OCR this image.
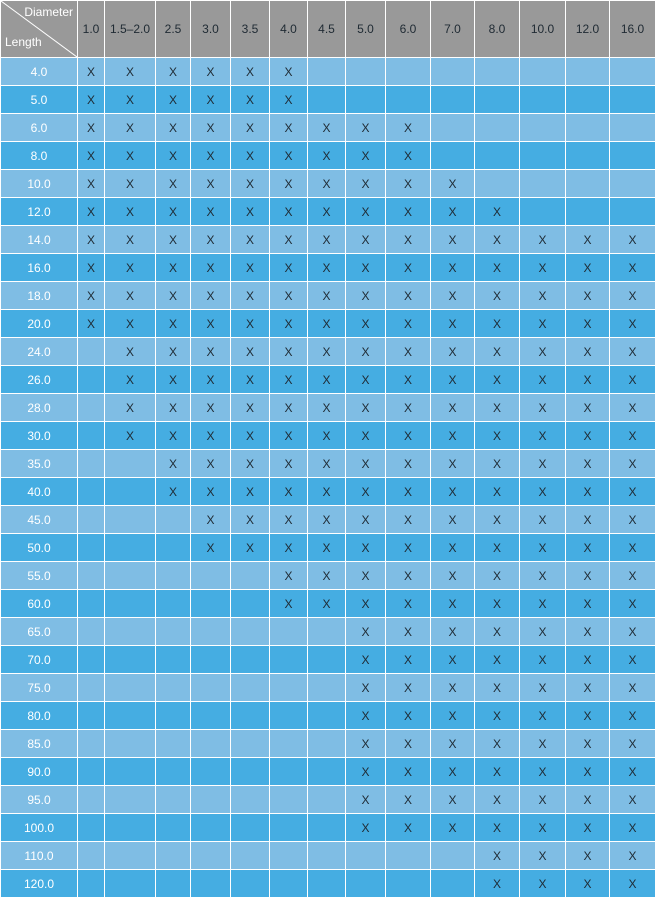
Diameter
Length	1.0	1.5–2.0	2.5	3.0	3.5	4.0	4.5	5.0	6.0	7.0	8.0	10.0	12.0	16.0
4.0	X	X	X	X	X	X								
5.0	X	X	X	X	X	X								
6.0	X	X	X	X	X	X	X	X	X					
8.0	X	X	X	X	X	X	X	X	X					
10.0	X	X	X	X	X	X	X	X	X	X				
12.0	X	X	X	X	X	X	X	X	X	X	X			
14.0	X	X	X	X	X	X	X	X	X	X	X	X	X	X
16.0	X	X	X	X	X	X	X	X	X	X	X	X	X	X
18.0	X	X	X	X	X	X	X	X	X	X	X	X	X	X
20.0	X	X	X	X	X	X	X	X	X	X	X	X	X	X
24.0		X	X	X	X	X	X	X	X	X	X	X	X	X
26.0		X	X	X	X	X	X	X	X	X	X	X	X	X
28.0		X	X	X	X	X	X	X	X	X	X	X	X	X
30.0		X	X	X	X	X	X	X	X	X	X	X	X	X
35.0			X	X	X	X	X	X	X	X	X	X	X	X
40.0			X	X	X	X	X	X	X	X	X	X	X	X
45.0				X	X	X	X	X	X	X	X	X	X	X
50.0				X	X	X	X	X	X	X	X	X	X	X
55.0						X	X	X	X	X	X	X	X	X
60.0						X	X	X	X	X	X	X	X	X
65.0								X	X	X	X	X	X	X
70.0								X	X	X	X	X	X	X
75.0								X	X	X	X	X	X	X
80.0								X	X	X	X	X	X	X
85.0								X	X	X	X	X	X	X
90.0								X	X	X	X	X	X	X
95.0								X	X	X	X	X	X	X
100.0								X	X	X	X	X	X	X
110.0											X	X	X	X
120.0											X	X	X	X
